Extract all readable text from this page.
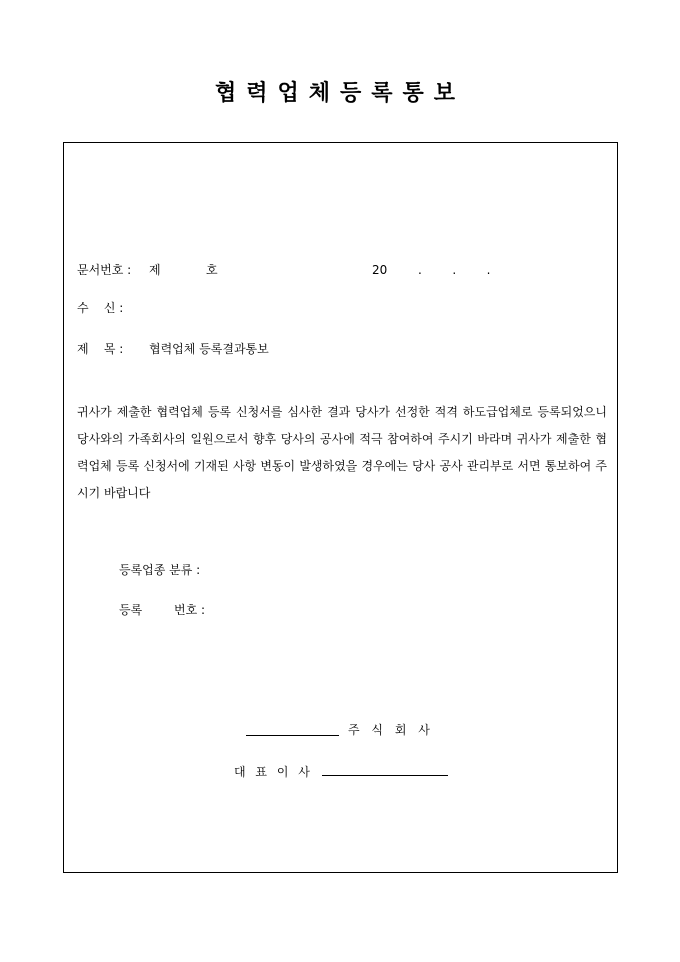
협력업체등록통보
문서번호 : 제	호	20	.        .        .
수    신 :
제    목 : 협력업체 등록결과통보
귀사가 제출한 협력업체 등록 신청서를 심사한 결과 당사가 선정한 적격 하도급업체로 등록되었으니 당사와의 가족회사의 일원으로서 향후 당사의 공사에 적극 참여하여 주시기 바라며 귀사가 제출한 협력업체 등록 신청서에 기재된 사항 변동이 발생하였을 경우에는 당사 공사 관리부로 서면 통보하여 주시기 바랍니다
등록업종 분류 :
등록	번호 :
주 식 회 사
대 표 이 사
